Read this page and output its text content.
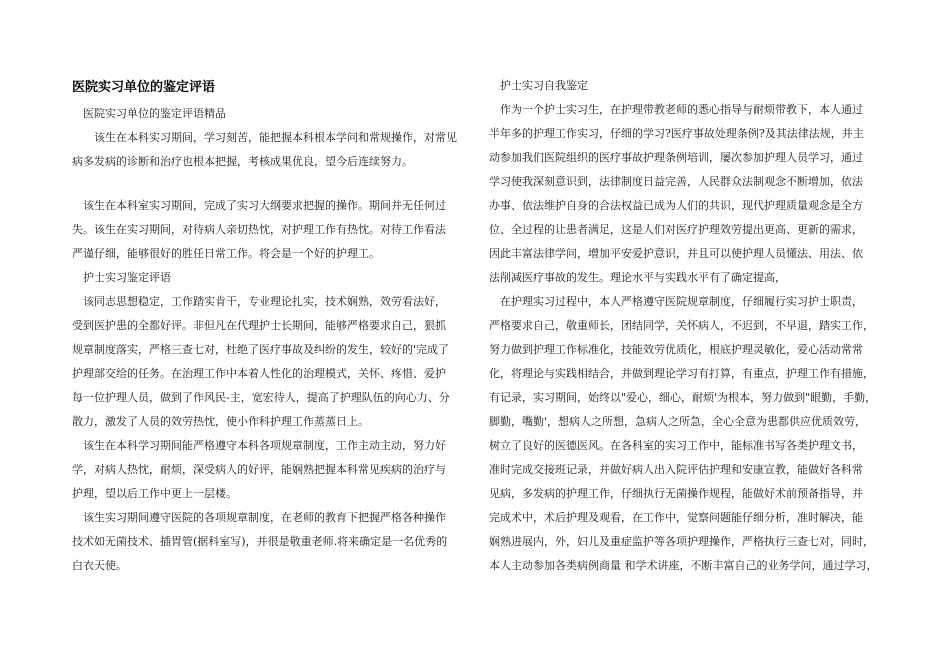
医院实习单位的鉴定评语
　医院实习单位的鉴定评语精品
　　该生在本科实习期间，学习刻苦，能把握本科根本学问和常规操作，对常见
病多发病的诊断和治疗也根本把握，考核成果优良，望今后连续努力。
　该生在本科室实习期间，完成了实习大纲要求把握的操作。期间并无任何过
失。该生在实习期间，对待病人亲切热忱，对护理工作有热忱。对待工作看法
严谨仔细，能够很好的胜任日常工作。将会是一个好的护理工。
　护士实习鉴定评语
　该同志思想稳定，工作踏实肯干，专业理论扎实，技术娴熟，效劳看法好，
受到医护患的全都好评。非但凡在代理护士长期间，能够严格要求自己，狠抓
规章制度落实，严格三查七对，杜绝了医疗事故及纠纷的发生，较好的'完成了
护理部交给的任务。在治理工作中本着人性化的治理模式，关怀、疼惜、爱护
每一位护理人员，做到了作风民-主，宽宏待人，提高了护理队伍的向心力、分
散力，激发了人员的效劳热忱，使小作科护理工作蒸蒸日上。
　该生在本科学习期间能严格遵守本科各项规章制度，工作主动主动，努力好
学，对病人热忱，耐烦，深受病人的好评，能娴熟把握本科常见疾病的治疗与
护理，望以后工作中更上一层楼。
　该生实习期间遵守医院的各项规章制度，在老师的教育下把握严格各种操作
技术如无菌技术、插胃管(据科室写)，并很是敬重老师.将来确定是一名优秀的
白衣天使。
　护士实习自我鉴定
　作为一个护士实习生，在护理带教老师的悉心指导与耐烦带教下，本人通过
半年多的护理工作实习，仔细的学习?医疗事故处理条例?及其法律法规，并主
动参加我们医院组织的医疗事故护理条例培训，屡次参加护理人员学习，通过
学习使我深刻意识到，法律制度日益完善，人民群众法制观念不断增加，依法
办事、依法维护自身的合法权益已成为人们的共识，现代护理质量观念是全方
位、全过程的让患者满足，这是人们对医疗护理效劳提出更高、更新的需求，
因此丰富法律学问，增加平安爱护意识，并且可以使护理人员懂法、用法、依
法削减医疗事故的发生。理论水平与实践水平有了确定提高，
　在护理实习过程中，本人严格遵守医院规章制度，仔细履行实习护士职责，
严格要求自己，敬重师长，团结同学，关怀病人，不迟到，不早退，踏实工作，
努力做到护理工作标准化，技能效劳优质化，根底护理灵敏化，爱心活动常常
化，将理论与实践相结合，并做到理论学习有打算，有重点，护理工作有措施，
有记录，实习期间，始终以"爱心，细心，耐烦'为根本，努力做到"眼勤，手勤，
脚勤，嘴勤'，想病人之所想，急病人之所急，全心全意为患都供应优质效劳，
树立了良好的医德医风。在各科室的实习工作中，能标准书写各类护理文书，
准时完成交接班记录，并做好病人出入院评估护理和安康宣教，能做好各科常
见病，多发病的护理工作，仔细执行无菌操作规程，能做好术前预备指导，并
完成术中，术后护理及观看，在工作中，觉察问题能仔细分析，准时解决，能
娴熟进展内，外，妇儿及重症监护等各项护理操作，严格执行三查七对，同时，
本人主动参加各类病例商量 和学术讲座，不断丰富自己的业务学问，通过学习，
